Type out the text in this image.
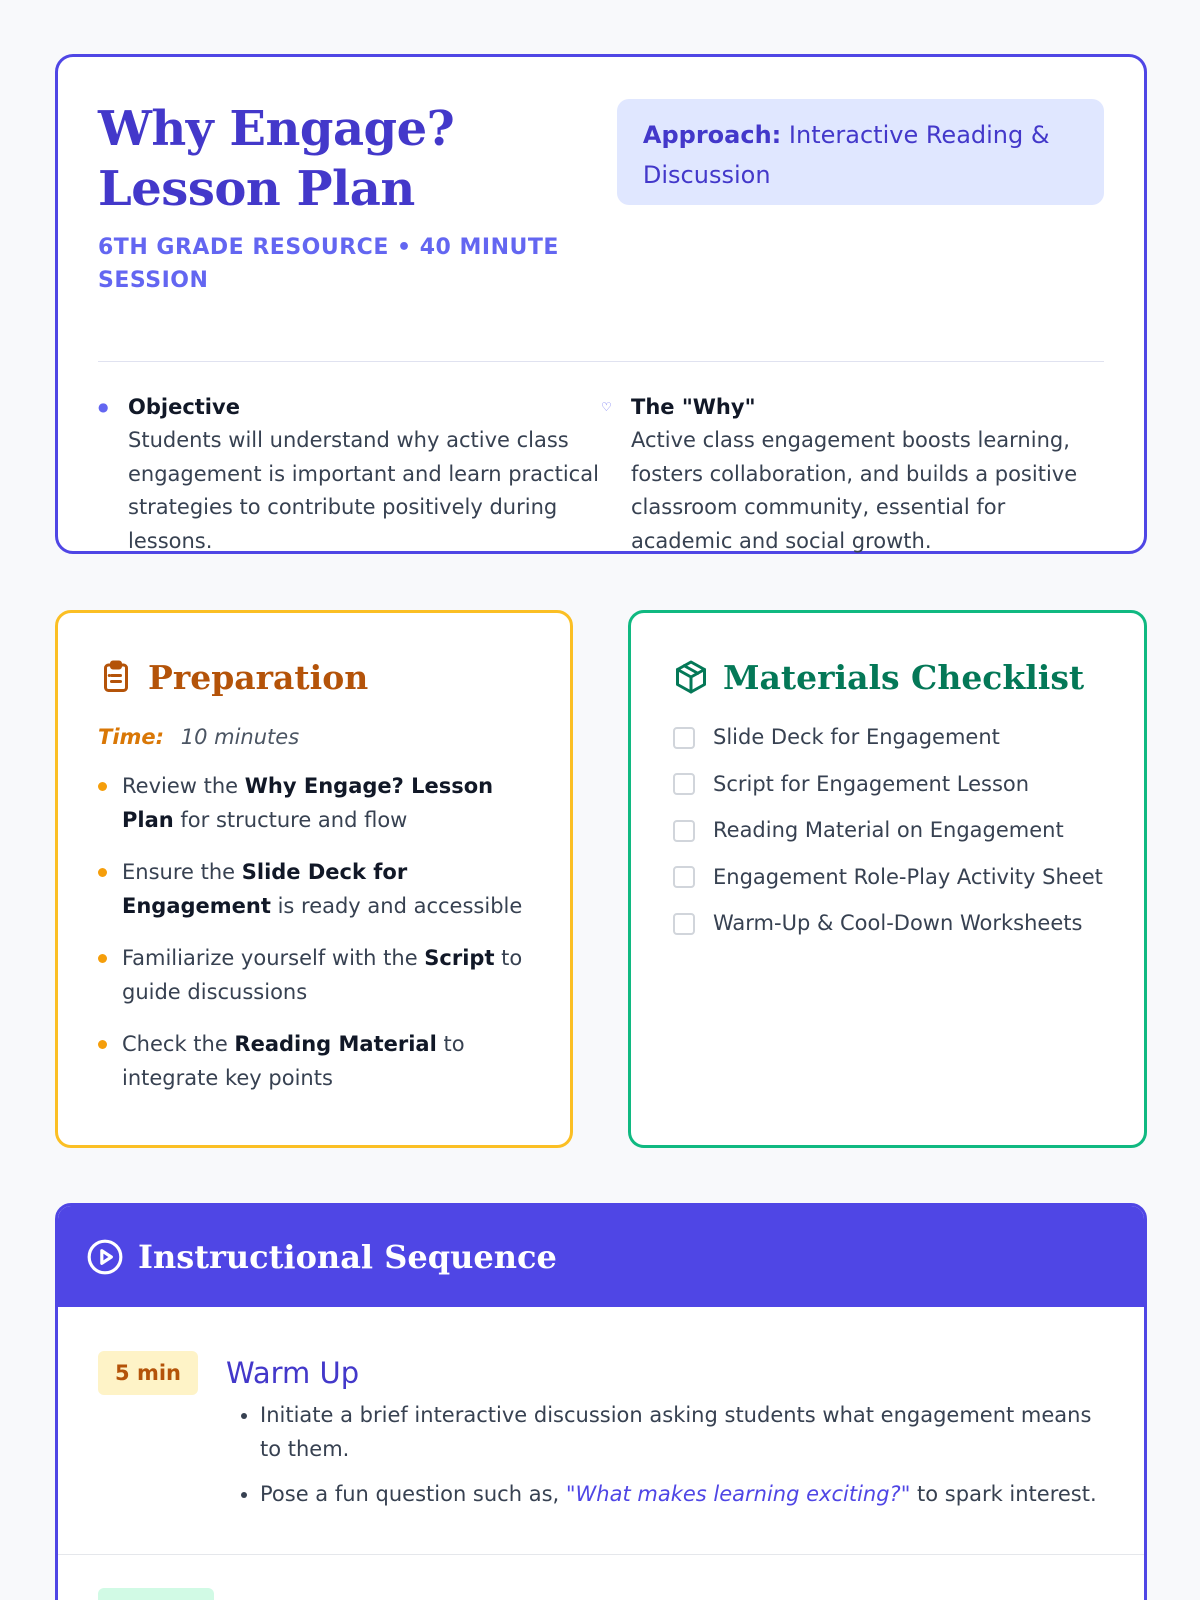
Why Engage? Lesson Plan
6TH GRADE RESOURCE • 40 MINUTE SESSION
Approach: Interactive Reading & Discussion
● Objective
Students will understand why active class engagement is important and learn practical strategies to contribute positively during lessons.
♡ The "Why"
Active class engagement boosts learning, fosters collaboration, and builds a positive classroom community, essential for academic and social growth.
Preparation
Time: 10 minutes
Review the Why Engage? Lesson Plan for structure and flow
Ensure the Slide Deck for Engagement is ready and accessible
Familiarize yourself with the Script to guide discussions
Check the Reading Material to integrate key points
Materials Checklist
Slide Deck for Engagement
Script for Engagement Lesson
Reading Material on Engagement
Engagement Role-Play Activity Sheet
Warm-Up & Cool-Down Worksheets
Instructional Sequence
5 min	Warm Up
• Initiate a brief interactive discussion asking students what engagement means to them.
• Pose a fun question such as, "What makes learning exciting?" to spark interest.
